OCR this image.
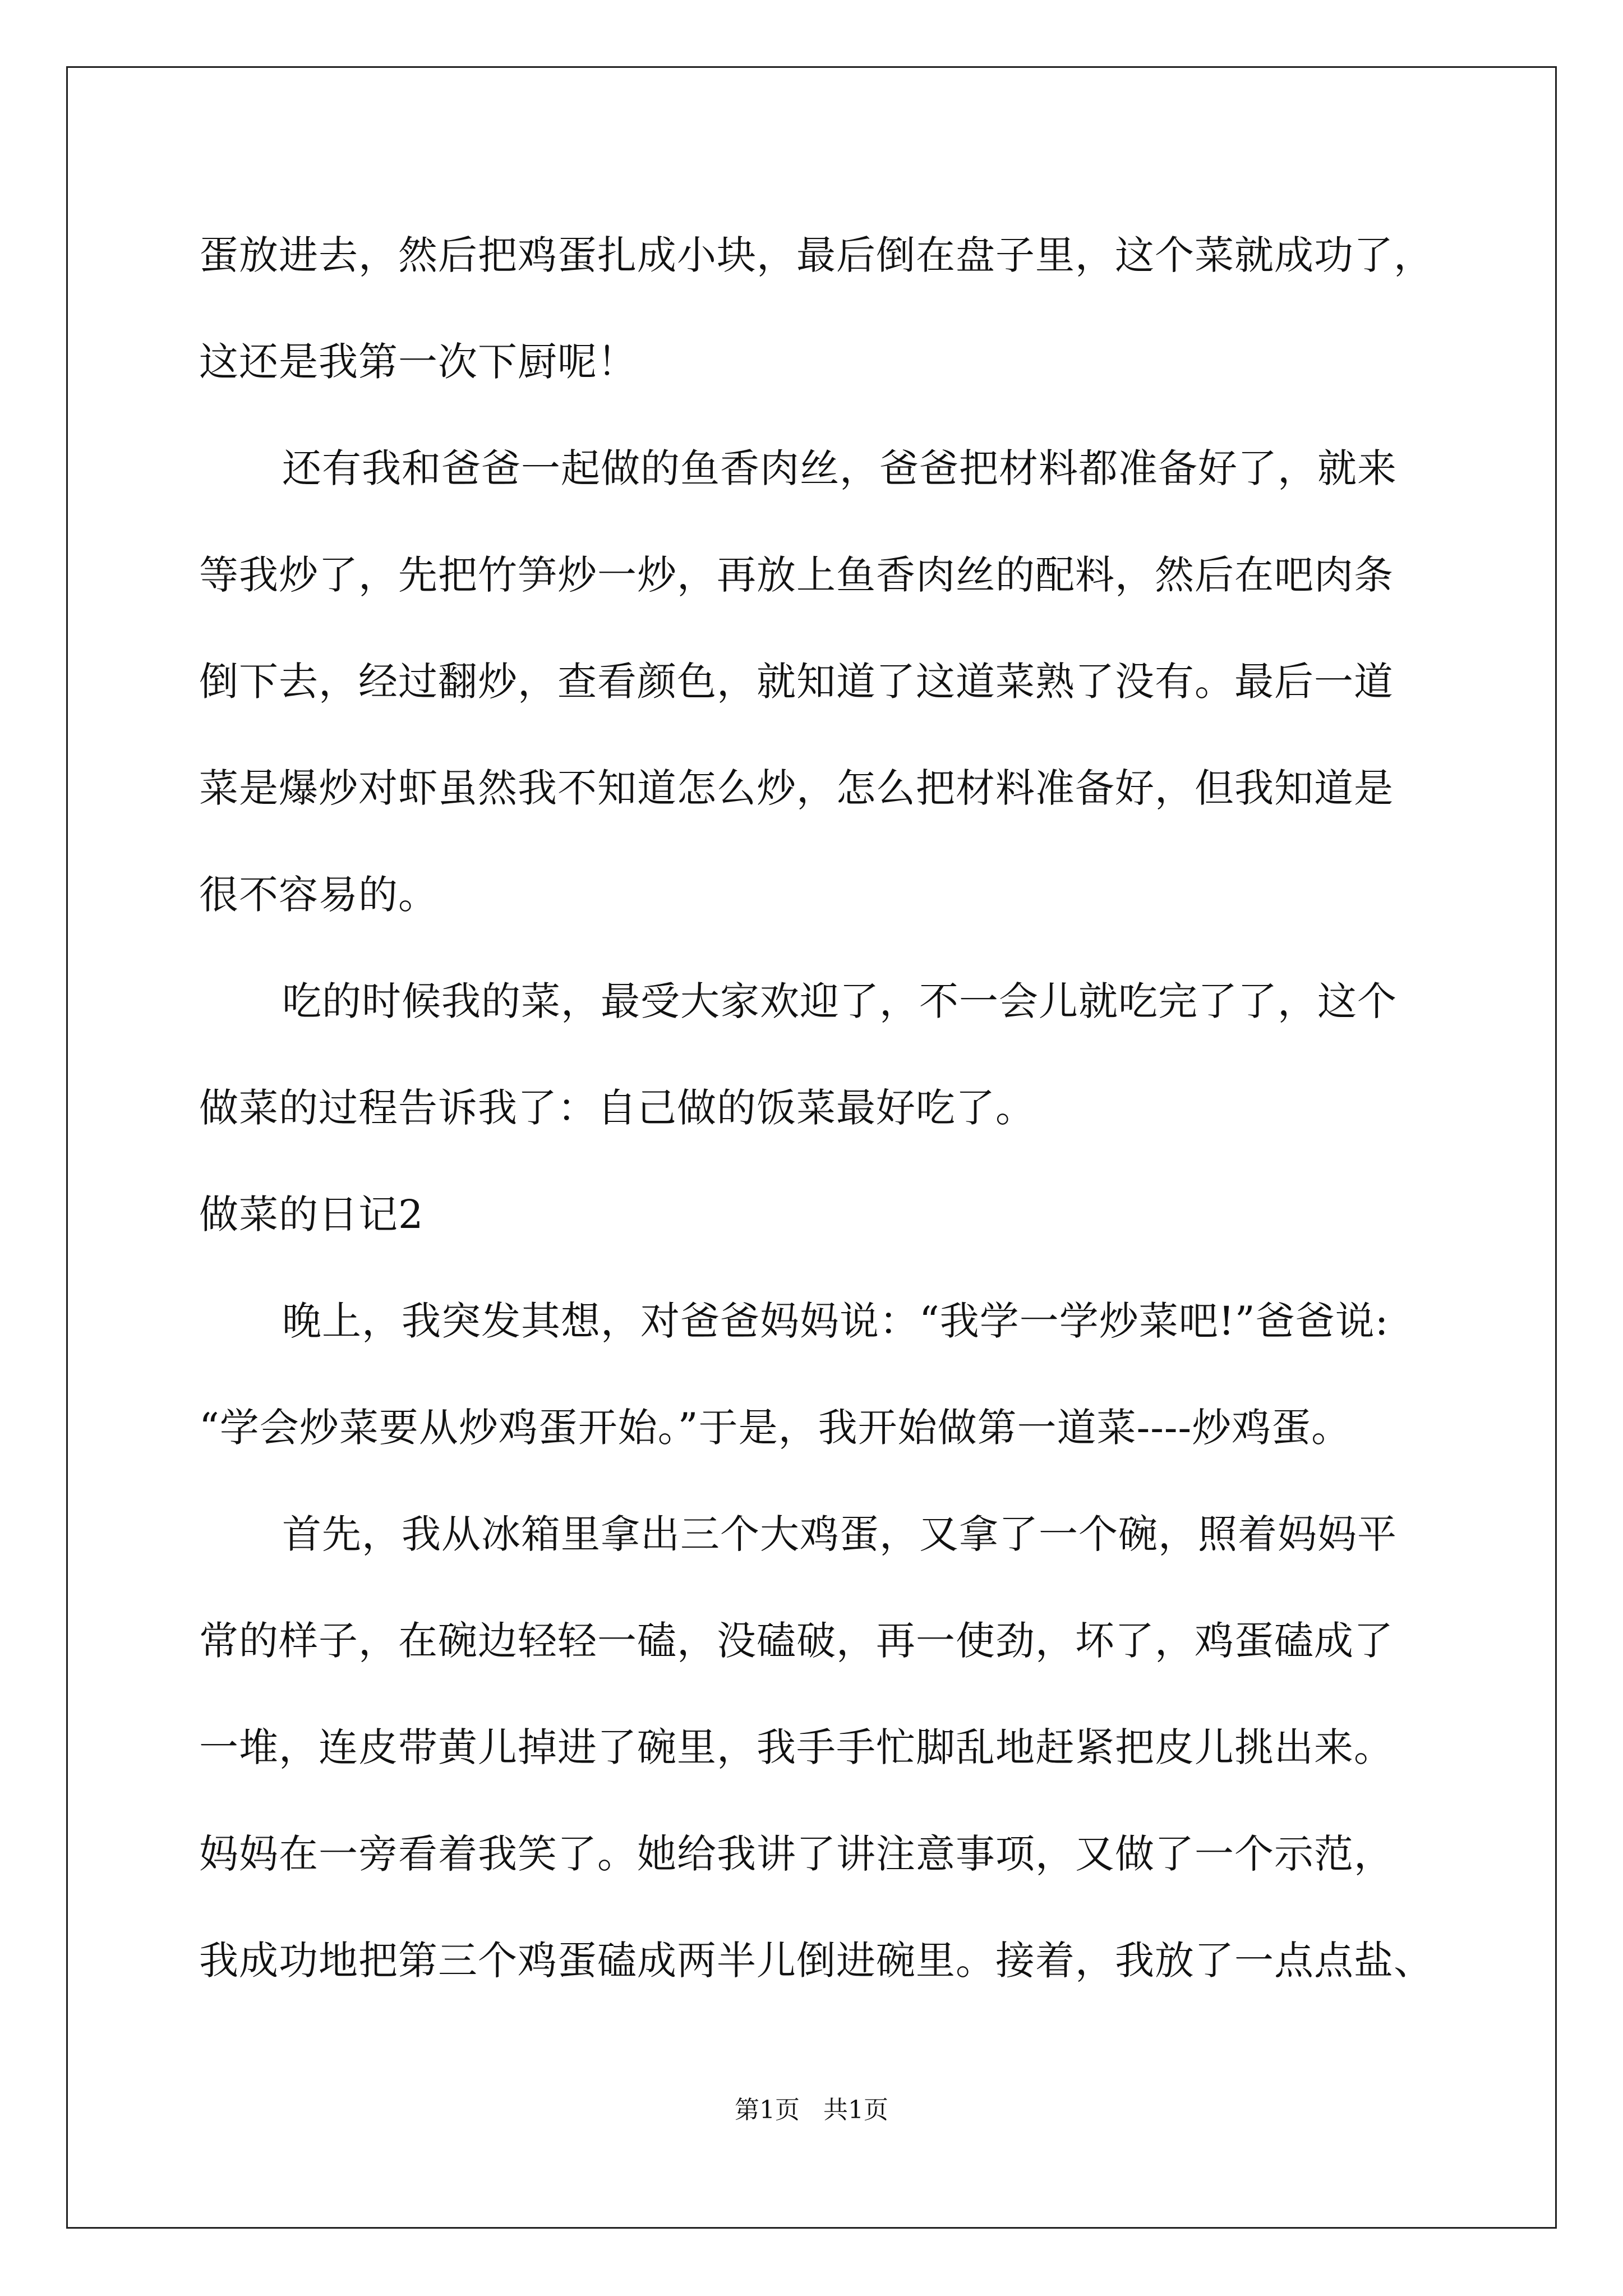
蛋放进去，然后把鸡蛋扎成小块，最后倒在盘子里，这个菜就成功了，
这还是我第一次下厨呢！
还有我和爸爸一起做的鱼香肉丝，爸爸把材料都准备好了，就来
等我炒了，先把竹笋炒一炒，再放上鱼香肉丝的配料，然后在吧肉条
倒下去，经过翻炒，查看颜色，就知道了这道菜熟了没有。最后一道
菜是爆炒对虾虽然我不知道怎么炒，怎么把材料准备好，但我知道是
很不容易的。
吃的时候我的菜，最受大家欢迎了，不一会儿就吃完了了，这个
做菜的过程告诉我了：自己做的饭菜最好吃了。
做菜的日记2
晚上，我突发其想，对爸爸妈妈说：“我学一学炒菜吧!”爸爸说:
“学会炒菜要从炒鸡蛋开始。”于是，我开始做第一道菜----炒鸡蛋。
首先，我从冰箱里拿出三个大鸡蛋，又拿了一个碗，照着妈妈平
常的样子，在碗边轻轻一磕，没磕破，再一使劲，坏了，鸡蛋磕成了
一堆，连皮带黄儿掉进了碗里，我手手忙脚乱地赶紧把皮儿挑出来。
妈妈在一旁看着我笑了。她给我讲了讲注意事项，又做了一个示范，
我成功地把第三个鸡蛋磕成两半儿倒进碗里。接着，我放了一点点盐、
第1页   共1页
